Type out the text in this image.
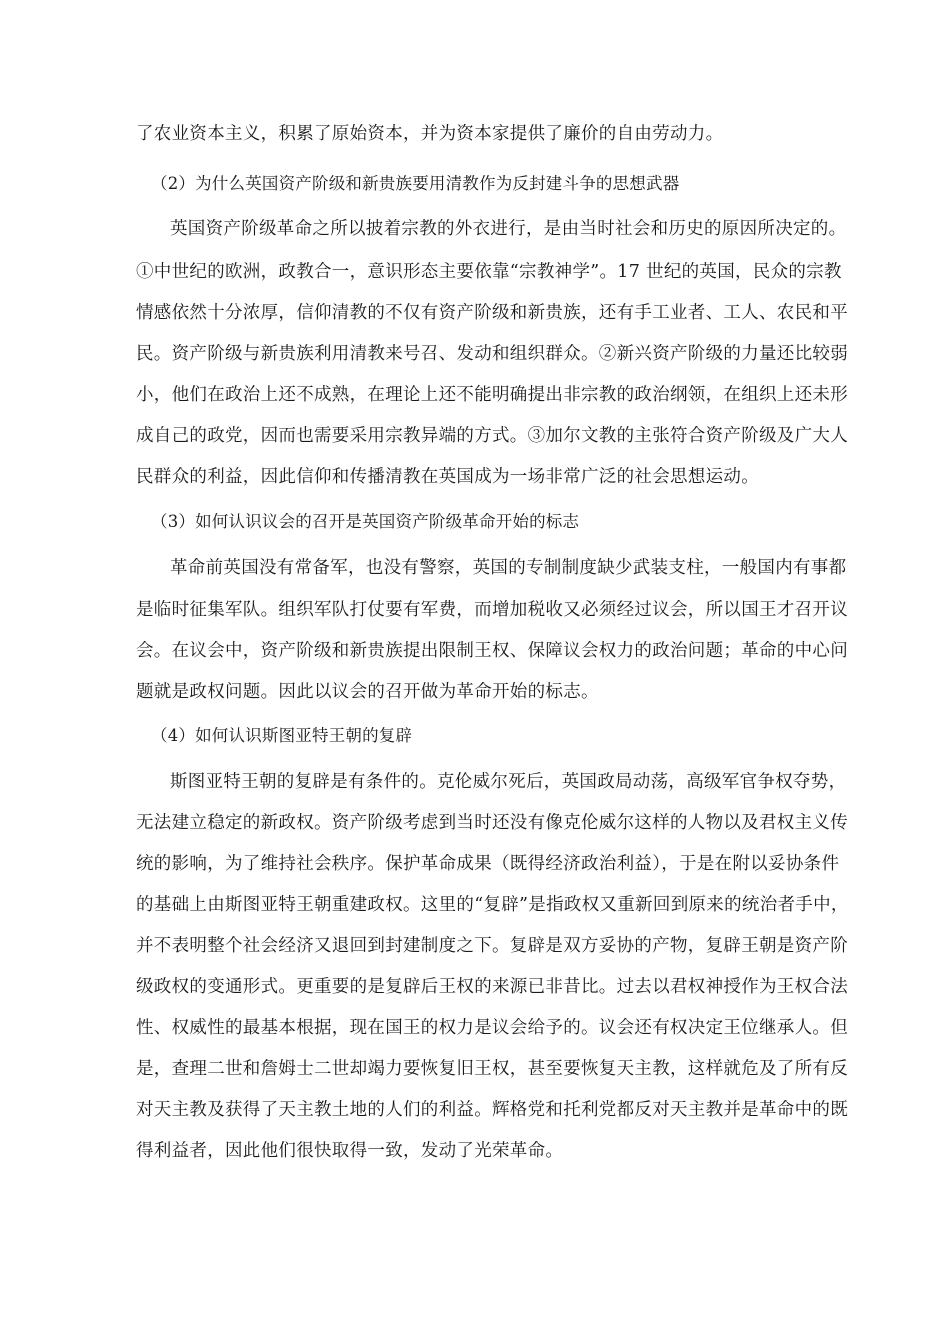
了农业资本主义，积累了原始资本，并为资本家提供了廉价的自由劳动力。
（2）为什么英国资产阶级和新贵族要用清教作为反封建斗争的思想武器
英国资产阶级革命之所以披着宗教的外衣进行，是由当时社会和历史的原因所决定的。
①中世纪的欧洲，政教合一，意识形态主要依靠“宗教神学”。17 世纪的英国，民众的宗教
情感依然十分浓厚，信仰清教的不仅有资产阶级和新贵族，还有手工业者、工人、农民和平
民。资产阶级与新贵族利用清教来号召、发动和组织群众。②新兴资产阶级的力量还比较弱
小，他们在政治上还不成熟，在理论上还不能明确提出非宗教的政治纲领，在组织上还未形
成自己的政党，因而也需要采用宗教异端的方式。③加尔文教的主张符合资产阶级及广大人
民群众的利益，因此信仰和传播清教在英国成为一场非常广泛的社会思想运动。
（3）如何认识议会的召开是英国资产阶级革命开始的标志
革命前英国没有常备军，也没有警察，英国的专制制度缺少武装支柱，一般国内有事都
是临时征集军队。组织军队打仗要有军费，而增加税收又必须经过议会，所以国王才召开议
会。在议会中，资产阶级和新贵族提出限制王权、保障议会权力的政治问题；革命的中心问
题就是政权问题。因此以议会的召开做为革命开始的标志。
（4）如何认识斯图亚特王朝的复辟
斯图亚特王朝的复辟是有条件的。克伦威尔死后，英国政局动荡，高级军官争权夺势，
无法建立稳定的新政权。资产阶级考虑到当时还没有像克伦威尔这样的人物以及君权主义传
统的影响，为了维持社会秩序。保护革命成果（既得经济政治利益），于是在附以妥协条件
的基础上由斯图亚特王朝重建政权。这里的“复辟”是指政权又重新回到原来的统治者手中，
并不表明整个社会经济又退回到封建制度之下。复辟是双方妥协的产物，复辟王朝是资产阶
级政权的变通形式。更重要的是复辟后王权的来源已非昔比。过去以君权神授作为王权合法
性、权威性的最基本根据，现在国王的权力是议会给予的。议会还有权决定王位继承人。但
是，查理二世和詹姆士二世却竭力要恢复旧王权，甚至要恢复天主教，这样就危及了所有反
对天主教及获得了天主教土地的人们的利益。辉格党和托利党都反对天主教并是革命中的既
得利益者，因此他们很快取得一致，发动了光荣革命。
